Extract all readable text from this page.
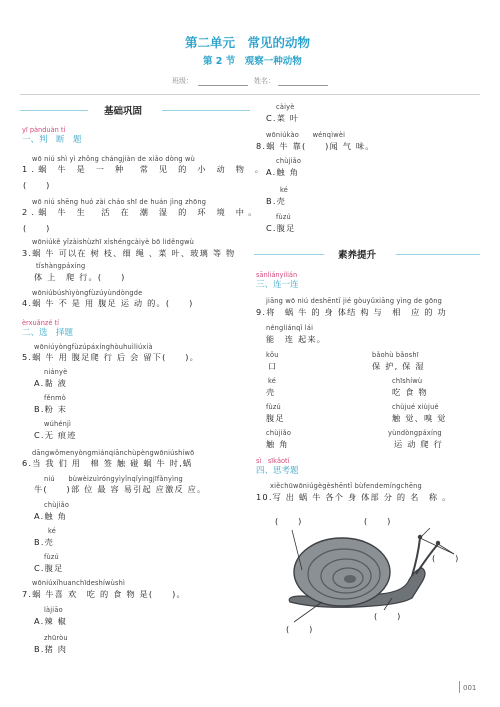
第二单元　常见的动物
第 2 节　观察一种动物
班级：	姓名：
基础巩固
yī pànduàn tí
一、判　断　题
wō niú shì yì zhǒng chángjiàn de xiǎo dòng wù
1.蜗 牛 是 一 种　常 见 的 小 动 物 。
(　　)
wō niú shēng huó zài cháo shī de huán jìng zhōng
2.蜗 牛 生　活 在 潮 湿 的 环 境 中。
(　　)
wōniúkě yǐzàishùzhī xìshéngcàiyè bō liděngwù
3.蜗 牛 可以在 树 枝、细 绳 、菜 叶、玻璃 等 物
tǐshàngpáxíng
体 上　爬 行。(　　)
wōniúbúshìyòngfùzúyùndòngde
4.蜗 牛 不 是 用 腹足 运 动 的。(　　)
èrxuǎnzé tí
二、选　择题
wōniúyòngfùzúpáxínghòuhuìliúxià
5.蜗 牛 用 腹足爬 行 后 会 留下(　　)。
niányè
A.黏 液
fěnmò
B.粉 末
wúhénjì
C.无 痕迹
dāngwǒmenyòngmiánqiānchùpèngwōniúshíwō
6.当 我 们 用　棉 签 触 碰 蜗 牛 时,蜗
niú　　bùwèizuìróngyìyǐnqǐyìngjīfǎnyìng
牛(　　)部 位 最 容 易引起 应激反 应。
chùjiǎo
A.触 角
ké
B.壳
fùzú
C.腹足
wōniúxǐhuanchīdeshíwùshì
7.蜗 牛喜 欢　吃 的 食 物 是(　　)。
làjiāo
A.辣 椒
zhūròu
B.猪 肉
càiyè
C.菜 叶
wōniúkào　　wénqìwèi
8.蜗 牛 靠(　　)闻 气 味。
chùjiǎo
A.触 角
ké
B.壳
fùzú
C.腹足
素养提升
sānliányilián
三、连一连
jiāng wō niú deshēntǐ jié gòuyǔxiāng yìng de gōng
9.将　蜗 牛 的 身 体结 构 与　相　应 的 功
néngliánqǐ lái
能　连 起来。
kǒu
口
ké
壳
fùzú
腹足
chùjiǎo
触 角
bǎohù bǎoshī
保 护, 保 湿
chīshíwù
吃 食 物
chùjué xiùjué
触 觉、嗅 觉
yùndòngpáxíng
运 动 爬 行
sì　sīkǎotí
四、思考题
xiěchūwōniúgègèshēntǐ bùfendemíngchēng
10.写 出 蜗 牛 各个 身 体部 分 的 名　称 。
(　　)	(　　)
(　　)
(　　)
(　　)
001
